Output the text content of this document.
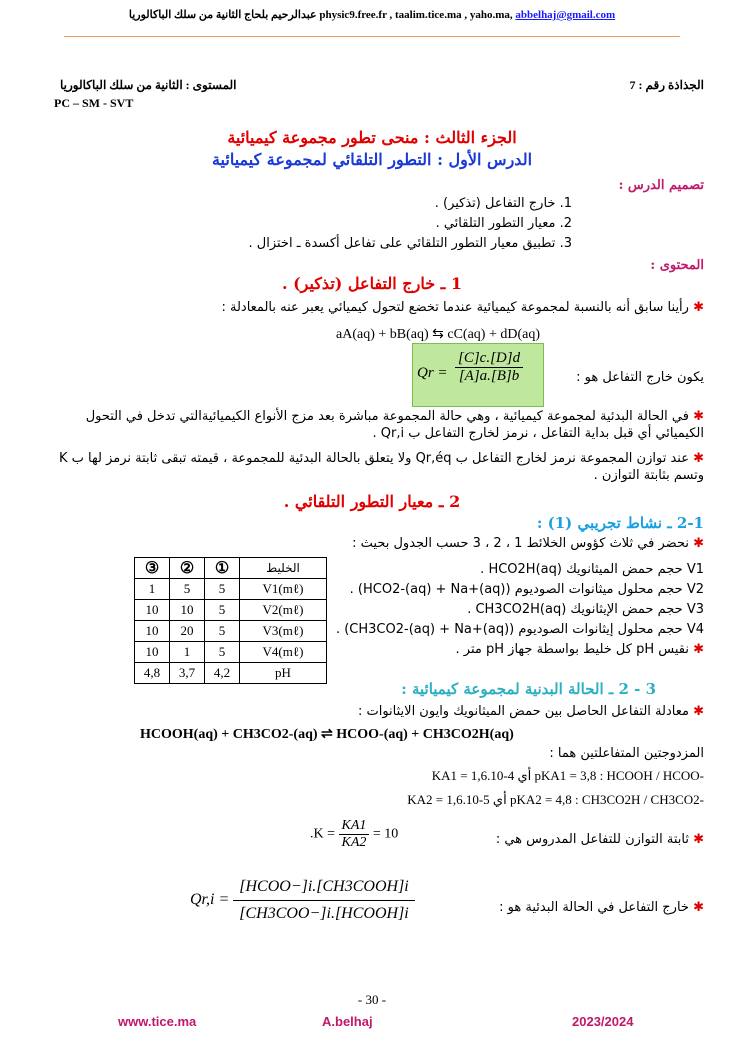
عبدالرحيم بلحاج الثانية من سلك الباكالوريا physic9.free.fr , taalim.tice.ma , yaho.ma, abbelhaj@gmail.com
الجذاذة رقم : 7
المستوى : الثانية من سلك الباكالوريا
PC – SM - SVT
الجزء الثالث : منحى تطور مجموعة كيميائية
الدرس الأول : التطور التلقائي لمجموعة كيميائية
تصميم الدرس :
1. خارج التفاعل (تذكير) .
2. معيار التطور التلقائي .
3. تطبيق معيار التطور التلقائي على تفاعل أكسدة ـ اختزال .
المحتوى :
1 ـ خارج التفاعل (تذكير) .
✱ رأينا سابق أنه بالنسبة لمجموعة كيميائية عندما تخضع لتحول كيميائي يعبر عنه بالمعادلة :
aA(aq) + bB(aq) ⇆ cC(aq) + dD(aq)
يكون خارج التفاعل هو :
$Qr = \frac{[C]c.[D]d}{[A]a.[B]b}$
✱ في الحالة البدئية لمجموعة كيميائية ، وهي حالة المجموعة مباشرة بعد مزج الأنواع الكيميائيةالتي تدخل في التحول الكيميائي أي قبل بداية التفاعل ، نرمز لخارج التفاعل ب Qr,i .
✱ عند توازن المجموعة نرمز لخارج التفاعل ب Qr,éq ولا يتعلق بالحالة البدئية للمجموعة ، قيمته تبقى ثابتة نرمز لها ب K وتسم بثابتة التوازن .
2 ـ معيار التطور التلقائي .
2-1 ـ نشاط تجريبي (1) :
✱ نحضر في ثلاث كؤوس الخلائط 1 ، 2 ، 3 حسب الجدول بحيث :
③	②	①	الخليط
1	5	5	V1(mℓ)
10	10	5	V2(mℓ)
10	20	5	V3(mℓ)
10	1	5	V4(mℓ)
4,8	3,7	4,2	pH
V1 حجم حمض الميثانويك HCO2H(aq) .
V2 حجم محلول ميثانوات الصوديوم (HCO2-(aq) + Na+(aq)) .
V3 حجم حمض الإيثانويك CH3CO2H(aq) .
V4 حجم محلول إيثانوات الصوديوم (CH3CO2-(aq) + Na+(aq)) .
✱ نقيس pH كل خليط بواسطة جهاز pH متر .
3 - 2 ـ الحالة البدنية لمجموعة كيميائية :
✱ معادلة التفاعل الحاصل بين حمض الميثانويك وايون الايثانوات :
HCOOH(aq) + CH3CO2-(aq) ⇌ HCOO-(aq) + CH3CO2H(aq)
المزدوجتين المتفاعلتين هما :
KA1 = 1,6.10-4 أي pKA1 = 3,8 : HCOOH / HCOO-
KA2 = 1,6.10-5 أي pKA2 = 4,8 : CH3CO2H / CH3CO2-
✱ ثابتة التوازن للتفاعل المدروس هي :
$.K = \frac{KA1}{KA2} = 10$
✱ خارج التفاعل في الحالة البدئية هو :
$Qr,i = \frac{\text{[HCOO−]i.[CH3COOH]i}}{\text{[CH3COO−]i.[HCOOH]i}}$
- 30 -
www.tice.ma	A.belhaj	2023/2024
